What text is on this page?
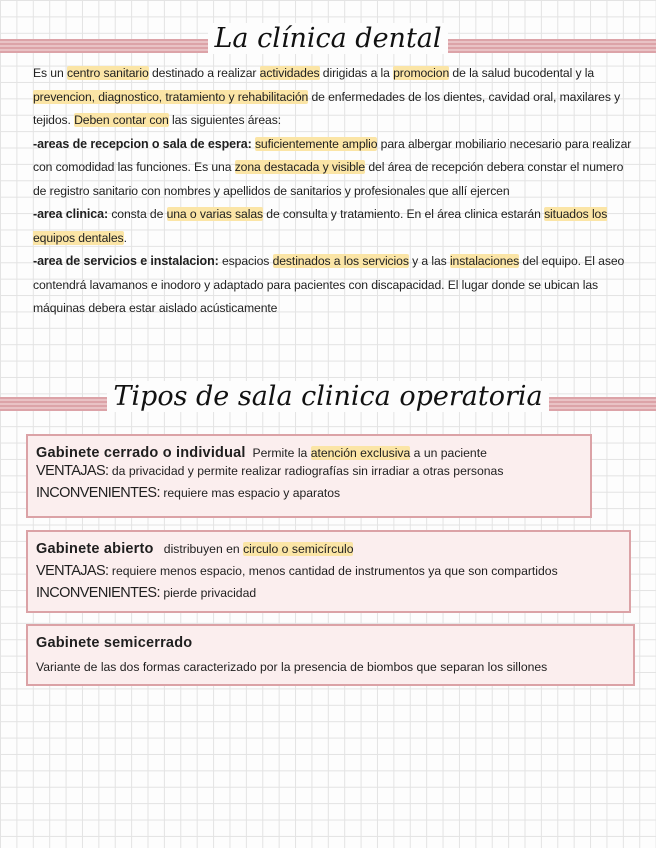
La clínica dental

Es un centro sanitario destinado a realizar actividades dirigidas a la promocion de la salud bucodental y la prevencion, diagnostico, tratamiento y rehabilitación de enfermedades de los dientes, cavidad oral, maxilares y tejidos. Deben contar con las siguientes áreas:

-areas de recepcion o sala de espera: suficientemente amplio para albergar mobiliario necesario para realizar con comodidad las funciones. Es una zona destacada y visible del área de recepción debera constar el numero de registro sanitario con nombres y apellidos de sanitarios y profesionales que allí ejercen

-area clinica: consta de una o varias salas de consulta y tratamiento. En el área clinica estarán situados los equipos dentales.

-area de servicios e instalacion: espacios destinados a los servicios y a las instalaciones del equipo. El aseo contendrá lavamanos e inodoro y adaptado para pacientes con discapacidad. El lugar donde se ubican las máquinas debera estar aislado acústicamente

Tipos de sala clinica operatoria
Gabinete cerrado o individual Permite la atención exclusiva a un paciente
VENTAJAS: da privacidad y permite realizar radiografías sin irradiar a otras personas
INCONVENIENTES: requiere mas espacio y aparatos
Gabinete abierto distribuyen en circulo o semicírculo
VENTAJAS: requiere menos espacio, menos cantidad de instrumentos ya que son compartidos
INCONVENIENTES: pierde privacidad
Gabinete semicerrado
Variante de las dos formas caracterizado por la presencia de biombos que separan los sillones
